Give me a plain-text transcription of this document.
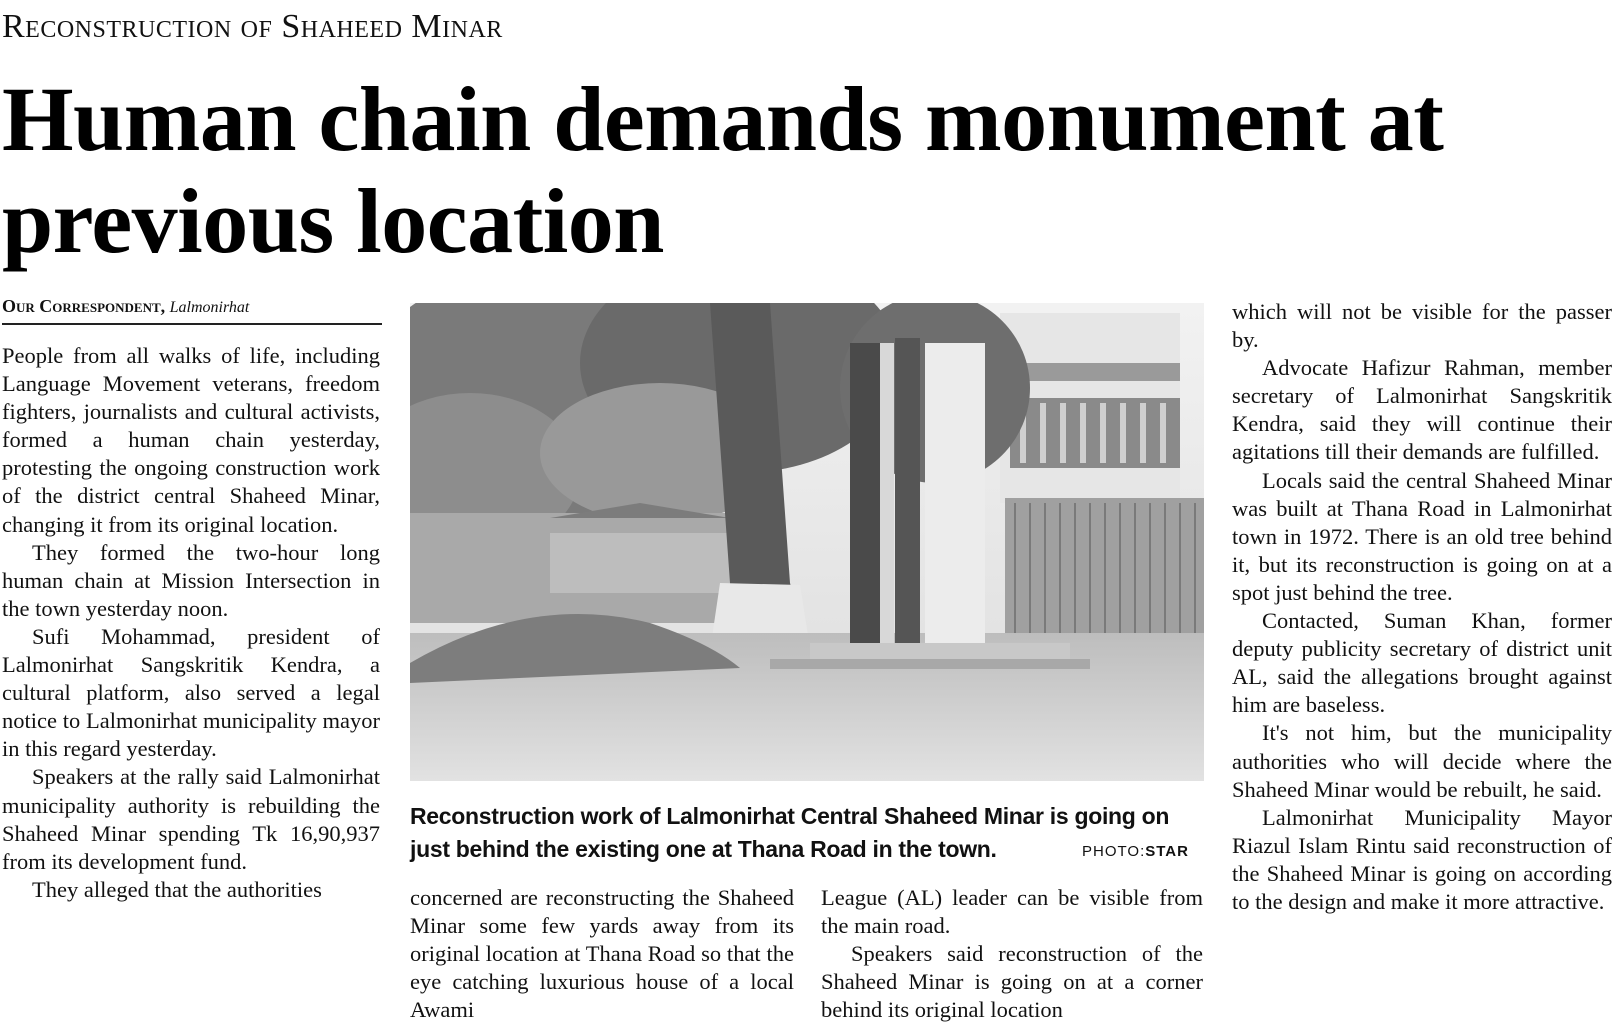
Reconstruction of Shaheed Minar
Human chain demands monument at previous location
Our Correspondent, Lalmonirhat

People from all walks of life, including Language Movement veterans, freedom fighters, journalists and cultural activists, formed a human chain yesterday, protesting the ongoing construction work of the district central Shaheed Minar, changing it from its original location.

They formed the two-hour long human chain at Mission Intersection in the town yesterday noon.

Sufi Mohammad, president of Lalmonirhat Sangskritik Kendra, a cultural platform, also served a legal notice to Lalmonirhat municipality mayor in this regard yesterday.

Speakers at the rally said Lalmonirhat municipality authority is rebuilding the Shaheed Minar spending Tk 16,90,937 from its development fund.

They alleged that the authorities

Reconstruction work of Lalmonirhat Central Shaheed Minar is going on just behind the existing one at Thana Road in the town.	PHOTO:STAR

concerned are reconstructing the Shaheed Minar some few yards away from its original location at Thana Road so that the eye catching luxurious house of a local Awami

League (AL) leader can be visible from the main road.

Speakers said reconstruction of the Shaheed Minar is going on at a corner behind its original location

which will not be visible for the passer by.

Advocate Hafizur Rahman, member secretary of Lalmonirhat Sangskritik Kendra, said they will continue their agitations till their demands are fulfilled.

Locals said the central Shaheed Minar was built at Thana Road in Lalmonirhat town in 1972. There is an old tree behind it, but its reconstruction is going on at a spot just behind the tree.

Contacted, Suman Khan, former deputy publicity secretary of district unit AL, said the allegations brought against him are baseless.

It's not him, but the municipality authorities who will decide where the Shaheed Minar would be rebuilt, he said.

Lalmonirhat Municipality Mayor Riazul Islam Rintu said reconstruction of the Shaheed Minar is going on according to the design and make it more attractive.
